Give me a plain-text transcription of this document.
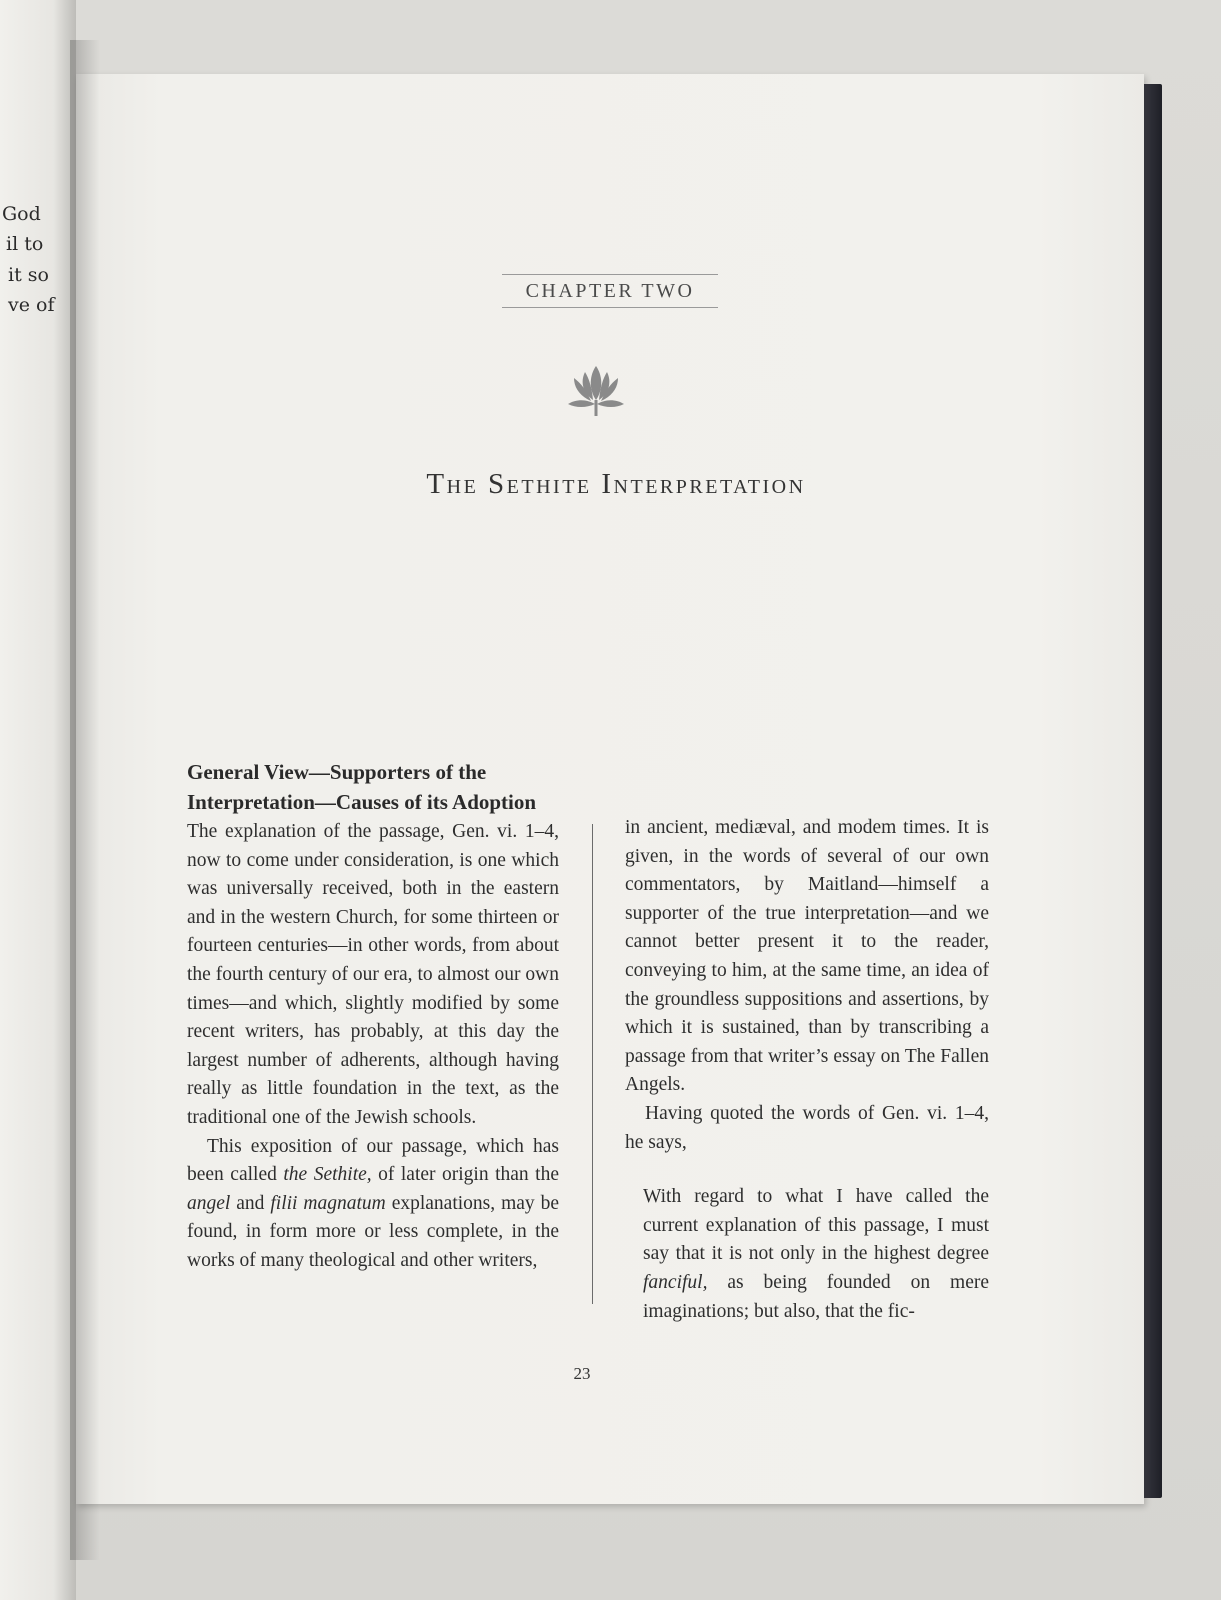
God
il to
it so
ve of
CHAPTER TWO
The Sethite Interpretation
General View—Supporters of the
Interpretation—Causes of its Adoption

The explanation of the passage, Gen. vi. 1–4, now to come under consideration, is one which was universally received, both in the eastern and in the western Church, for some thirteen or fourteen centuries—in other words, from about the fourth century of our era, to almost our own times—and which, slightly modified by some recent writers, has probably, at this day the largest number of adherents, although having really as little foundation in the text, as the traditional one of the Jewish schools.

This exposition of our passage, which has been called the Sethite, of later origin than the angel and filii magnatum explanations, may be found, in form more or less complete, in the works of many theological and other writers,

in ancient, mediæval, and modem times. It is given, in the words of several of our own commentators, by Maitland—himself a supporter of the true interpretation—and we cannot better present it to the reader, conveying to him, at the same time, an idea of the groundless suppositions and assertions, by which it is sustained, than by transcribing a passage from that writer’s essay on The Fallen Angels.

Having quoted the words of Gen. vi. 1–4, he says,

With regard to what I have called the current explanation of this passage, I must say that it is not only in the highest degree fanciful, as being founded on mere imaginations; but also, that the fic-

23
